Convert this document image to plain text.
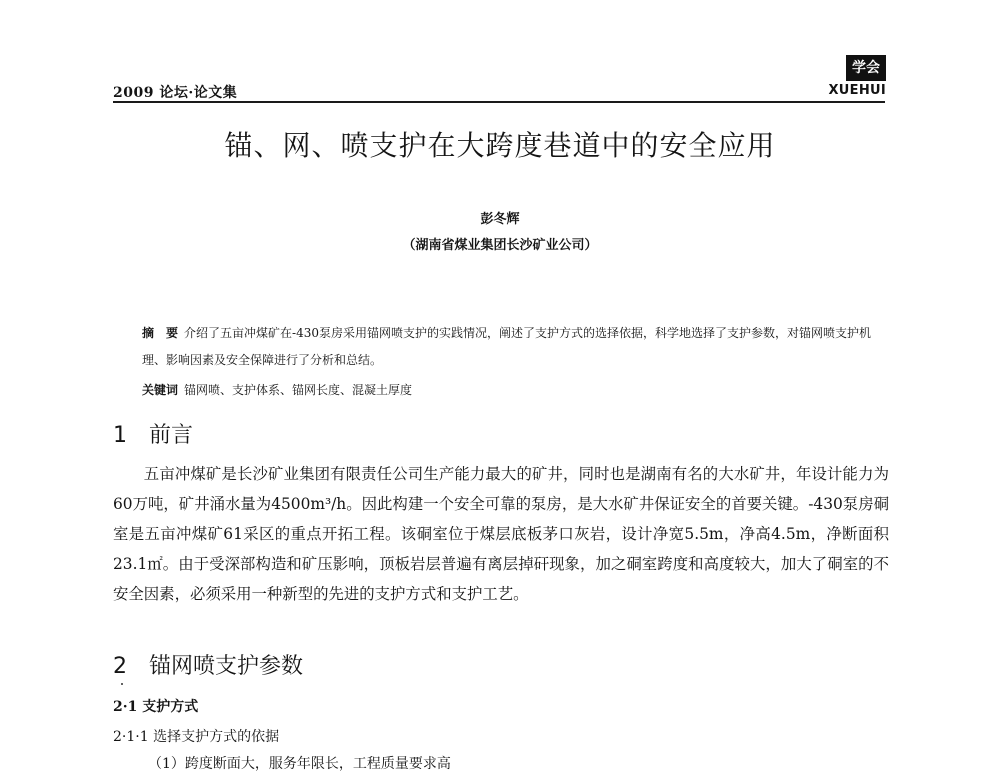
2009 论坛·论文集
学会
XUEHUI
锚、网、喷支护在大跨度巷道中的安全应用
彭冬辉
（湖南省煤业集团长沙矿业公司）
摘　要 介绍了五亩冲煤矿在-430泵房采用锚网喷支护的实践情况，阐述了支护方式的选择依据，科学地选择了支护参数，对锚网喷支护机理、影响因素及安全保障进行了分析和总结。
关键词 锚网喷、支护体系、锚网长度、混凝土厚度
1 前言
五亩冲煤矿是长沙矿业集团有限责任公司生产能力最大的矿井，同时也是湖南有名的大水矿井，年设计能力为60万吨，矿井涌水量为4500m³/h。因此构建一个安全可靠的泵房，是大水矿井保证安全的首要关键。-430泵房硐室是五亩冲煤矿61采区的重点开拓工程。该硐室位于煤层底板茅口灰岩，设计净宽5.5m，净高4.5m，净断面积23.1㎡。由于受深部构造和矿压影响，顶板岩层普遍有离层掉矸现象，加之硐室跨度和高度较大，加大了硐室的不安全因素，必须采用一种新型的先进的支护方式和支护工艺。
2 锚网喷支护参数
2·1 支护方式
2·1·1 选择支护方式的依据
（1）跨度断面大，服务年限长，工程质量要求高
